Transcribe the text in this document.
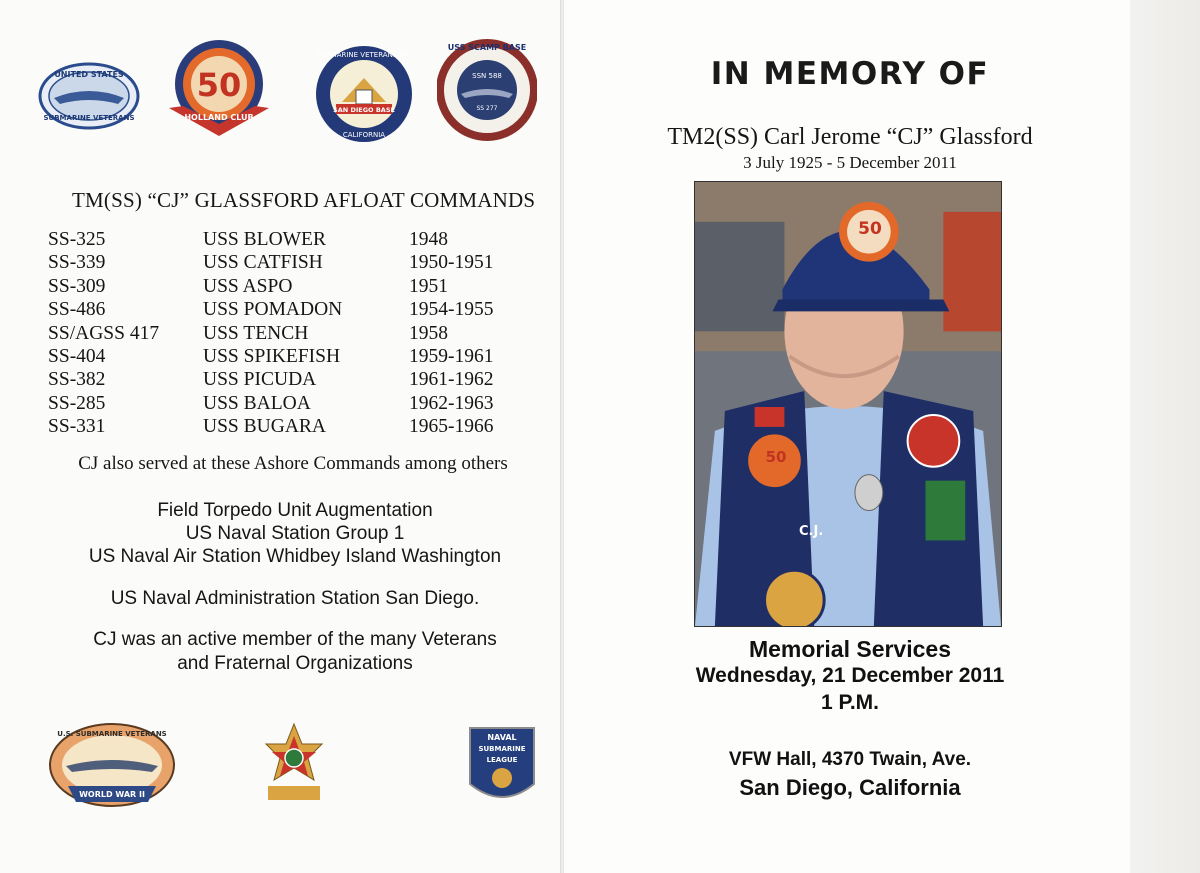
UNITED STATES
SUBMARINE VETERANS
50
HOLLAND CLUB
SAN DIEGO BASE
SUBMARINE VETERANS INC
CALIFORNIA
SSN 588
SS 277
USS SCAMP BASE
TM(SS) “CJ” GLASSFORD AFLOAT COMMANDS
SS-325	USS BLOWER	1948
SS-339	USS CATFISH	1950-1951
SS-309	USS ASPO	1951
SS-486	USS POMADON	1954-1955
SS/AGSS 417	USS TENCH	1958
SS-404	USS SPIKEFISH	1959-1961
SS-382	USS PICUDA	1961-1962
SS-285	USS BALOA	1962-1963
SS-331	USS BUGARA	1965-1966
CJ also served at these Ashore Commands among others
Field Torpedo Unit Augmentation
US Naval Station Group 1
US Naval Air Station Whidbey Island Washington
US Naval Administration Station San Diego.
CJ was an active member of the many Veterans
and Fraternal Organizations
WORLD WAR II
U.S. SUBMARINE VETERANS	NAVAL
SUBMARINE
LEAGUE
IN MEMORY OF
TM2(SS) Carl Jerome “CJ” Glassford
3 July 1925 - 5 December 2011
50
50
C.J.
Memorial Services
Wednesday, 21 December 2011
1 P.M.
VFW Hall, 4370 Twain, Ave.
San Diego, California
